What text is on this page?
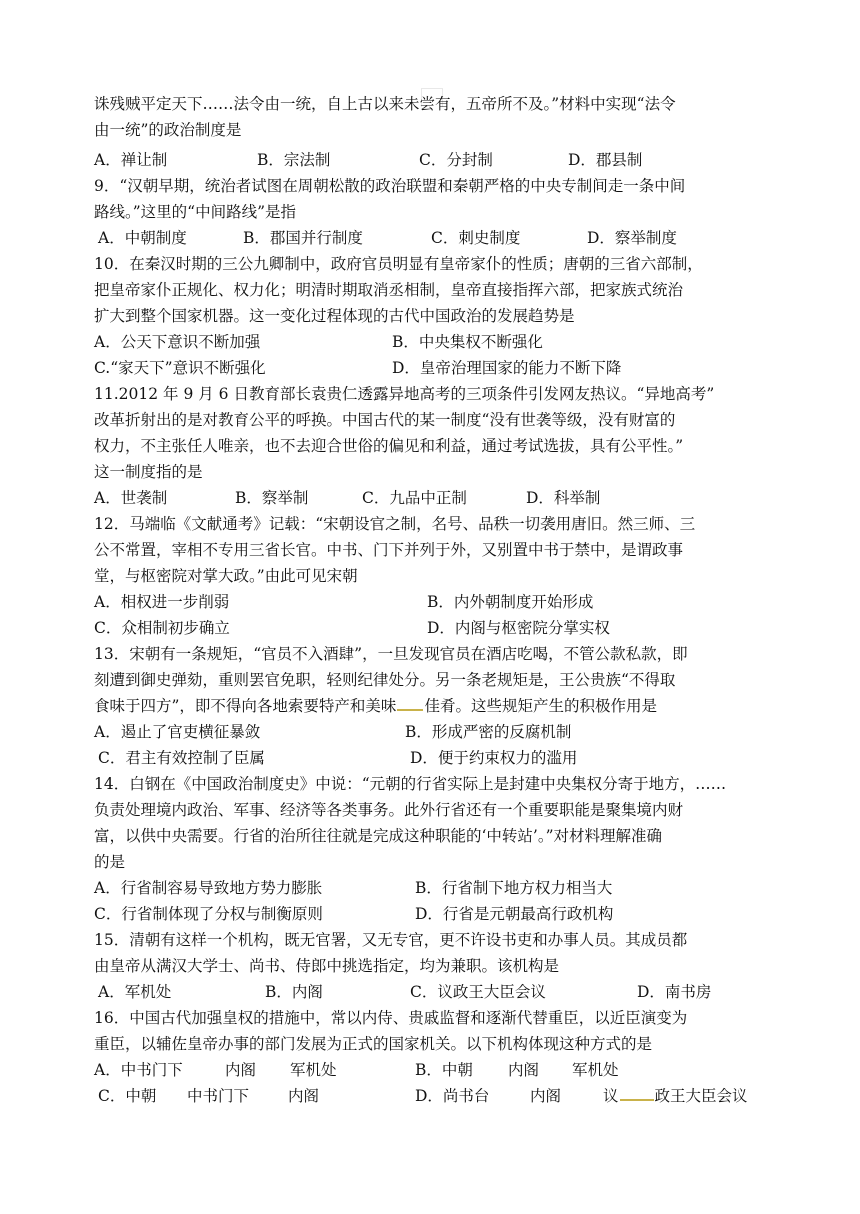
诛残贼平定天下……法令由一统，自上古以来未尝有，五帝所不及。”材料中实现“法令
由一统”的政治制度是
A．禅让制	B．宗法制	C．分封制	D．郡县制
9．“汉朝早期，统治者试图在周朝松散的政治联盟和秦朝严格的中央专制间走一条中间
路线。”这里的“中间路线”是指
A．中朝制度	B．郡国并行制度	C．刺史制度	D．察举制度
10．在秦汉时期的三公九卿制中，政府官员明显有皇帝家仆的性质；唐朝的三省六部制，
把皇帝家仆正规化、权力化；明清时期取消丞相制，皇帝直接指挥六部，把家族式统治
扩大到整个国家机器。这一变化过程体现的古代中国政治的发展趋势是
A．公天下意识不断加强	B．中央集权不断强化
C.“家天下”意识不断强化	D．皇帝治理国家的能力不断下降
11.2012 年 9 月 6 日教育部长袁贵仁透露异地高考的三项条件引发网友热议。“异地高考”
改革折射出的是对教育公平的呼换。中国古代的某一制度“没有世袭等级，没有财富的
权力，不主张任人唯亲，也不去迎合世俗的偏见和利益，通过考试选拔，具有公平性。”
这一制度指的是
A．世袭制	B．察举制	C．九品中正制	D．科举制
12．马端临《文献通考》记载：“宋朝设官之制，名号、品秩一切袭用唐旧。然三师、三
公不常置，宰相不专用三省长官。中书、门下并列于外，又别置中书于禁中，是谓政事
堂，与枢密院对掌大政。”由此可见宋朝
A．相权进一步削弱	B．内外朝制度开始形成
C．众相制初步确立	D．内阁与枢密院分掌实权
13．宋朝有一条规矩，“官员不入酒肆”，一旦发现官员在酒店吃喝，不管公款私款，即
刻遭到御史弹劾，重则罢官免职，轻则纪律处分。另一条老规矩是，王公贵族“不得取
食味于四方”，即不得向各地索要特产和美味 佳肴。这些规矩产生的积极作用是
A．遏止了官吏横征暴敛	B．形成严密的反腐机制
C．君主有效控制了臣属	D．便于约束权力的滥用
14．白钢在《中国政治制度史》中说：“元朝的行省实际上是封建中央集权分寄于地方，……
负责处理境内政治、军事、经济等各类事务。此外行省还有一个重要职能是聚集境内财
富，以供中央需要。行省的治所往往就是完成这种职能的‘中转站’。”对材料理解准确
的是
A．行省制容易导致地方势力膨胀	B．行省制下地方权力相当大
C．行省制体现了分权与制衡原则	D．行省是元朝最高行政机构
15．清朝有这样一个机构，既无官署，又无专官，更不许设书吏和办事人员。其成员都
由皇帝从满汉大学士、尚书、侍郎中挑选指定，均为兼职。该机构是
A．军机处	B．内阁	C．议政王大臣会议	D．南书房
16．中国古代加强皇权的措施中，常以内侍、贵戚监督和逐渐代替重臣，以近臣演变为
重臣，以辅佐皇帝办事的部门发展为正式的国家机关。以下机构体现这种方式的是
A．中书门下	内阁 军机处	B．中朝 内阁 军机处
C．中朝 中书门下	内阁	D．尚书台	内阁	议 政王大臣会议
